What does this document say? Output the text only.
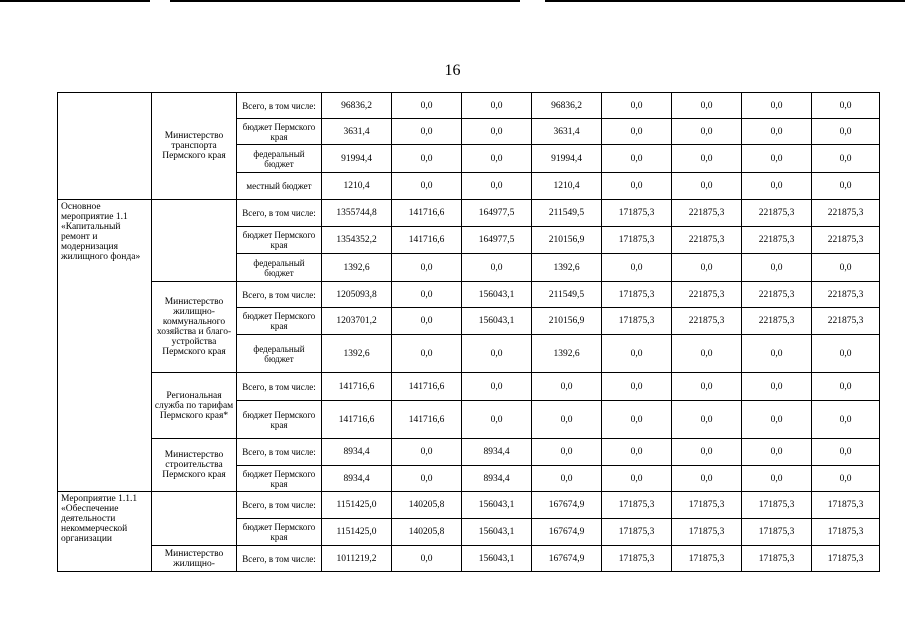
16
	Министерство транспорта Пермского края	Всего, в том числе:	96836,2	0,0	0,0	96836,2	0,0	0,0	0,0	0,0
		бюджет Пермского края	3631,4	0,0	0,0	3631,4	0,0	0,0	0,0	0,0
		федеральный бюджет	91994,4	0,0	0,0	91994,4	0,0	0,0	0,0	0,0
		местный бюджет	1210,4	0,0	0,0	1210,4	0,0	0,0	0,0	0,0
Основное мероприятие 1.1 «Капитальный ремонт и модернизация жилищного фонда»		Всего, в том числе:	1355744,8	141716,6	164977,5	211549,5	171875,3	221875,3	221875,3	221875,3
		бюджет Пермского края	1354352,2	141716,6	164977,5	210156,9	171875,3	221875,3	221875,3	221875,3
		федеральный бюджет	1392,6	0,0	0,0	1392,6	0,0	0,0	0,0	0,0
	Министерство жилищно-коммунального хозяйства и благо-устройства Пермского края	Всего, в том числе:	1205093,8	0,0	156043,1	211549,5	171875,3	221875,3	221875,3	221875,3
		бюджет Пермского края	1203701,2	0,0	156043,1	210156,9	171875,3	221875,3	221875,3	221875,3
		федеральный бюджет	1392,6	0,0	0,0	1392,6	0,0	0,0	0,0	0,0
	Региональная служба по тарифам Пермского края*	Всего, в том числе:	141716,6	141716,6	0,0	0,0	0,0	0,0	0,0	0,0
		бюджет Пермского края	141716,6	141716,6	0,0	0,0	0,0	0,0	0,0	0,0
	Министерство строительства Пермского края	Всего, в том числе:	8934,4	0,0	8934,4	0,0	0,0	0,0	0,0	0,0
		бюджет Пермского края	8934,4	0,0	8934,4	0,0	0,0	0,0	0,0	0,0
Мероприятие 1.1.1 «Обеспечение деятельности некоммерческой организации		Всего, в том числе:	1151425,0	140205,8	156043,1	167674,9	171875,3	171875,3	171875,3	171875,3
		бюджет Пермского края	1151425,0	140205,8	156043,1	167674,9	171875,3	171875,3	171875,3	171875,3
	Министерство жилищно-	Всего, в том числе:	1011219,2	0,0	156043,1	167674,9	171875,3	171875,3	171875,3	171875,3
